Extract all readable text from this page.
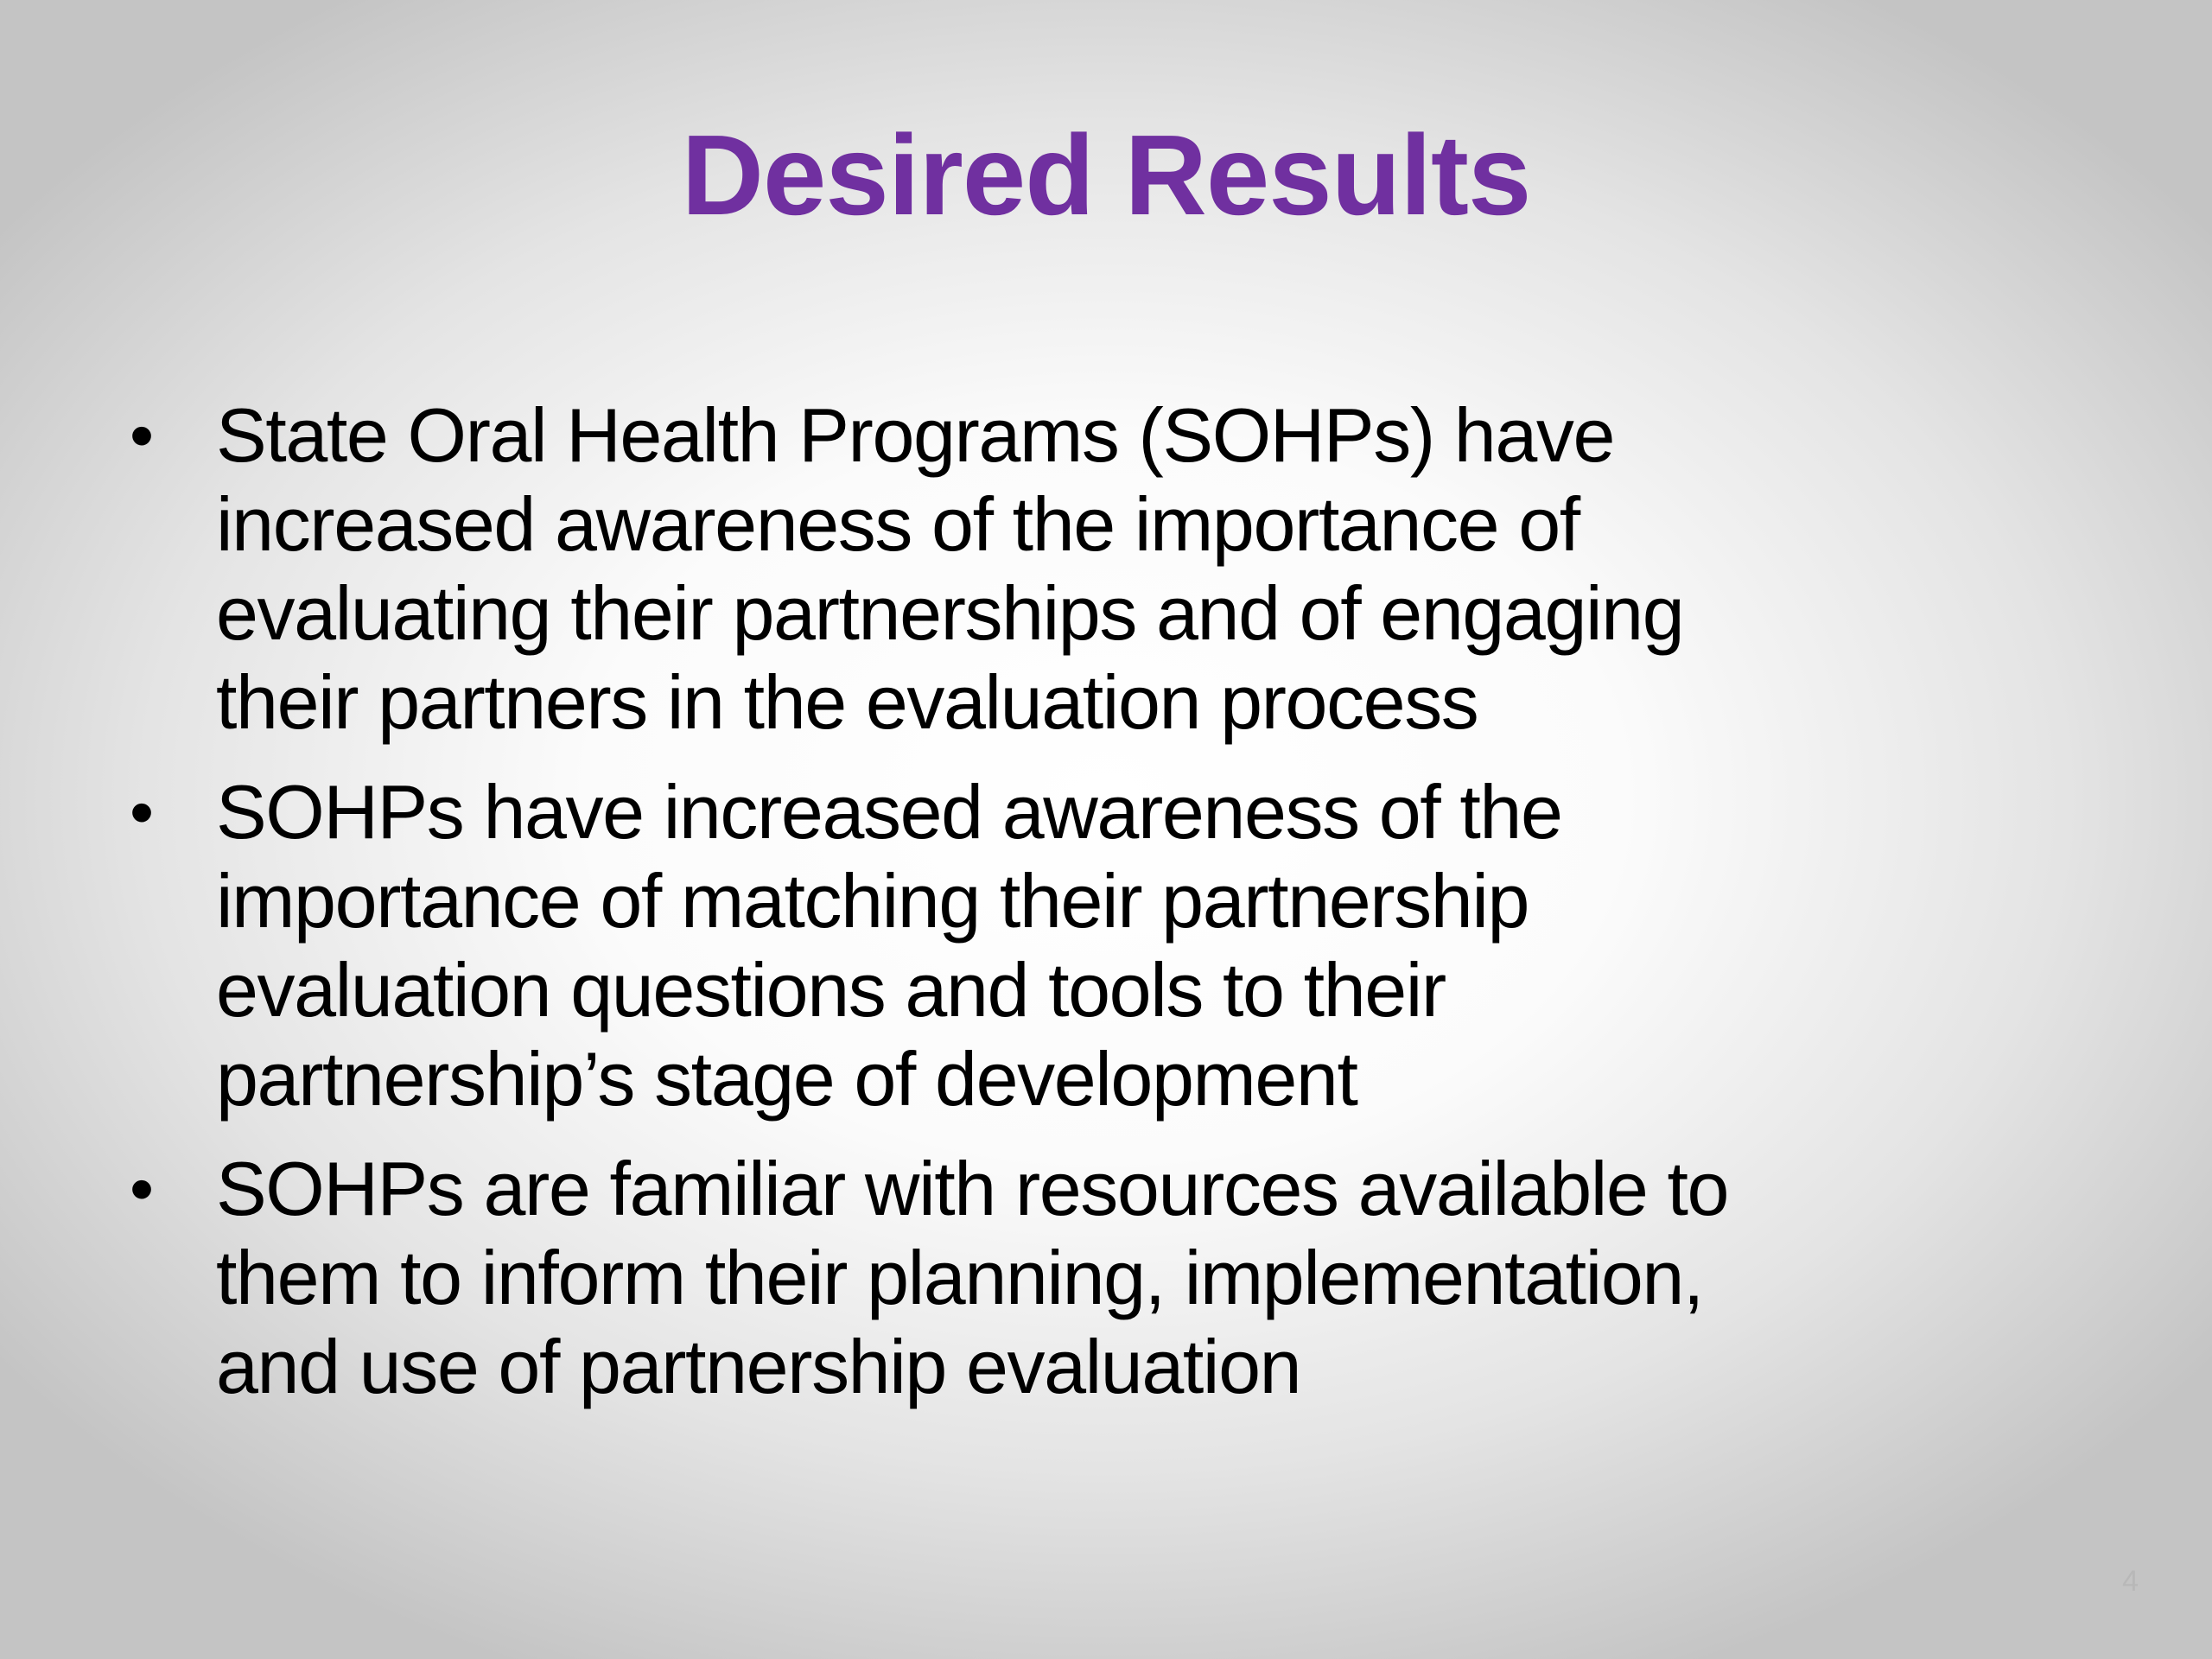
Desired Results
• State Oral Health Programs (SOHPs) have
increased awareness of the importance of
evaluating their partnerships and of engaging
their partners in the evaluation process
• SOHPs have increased awareness of the
importance of matching their partnership
evaluation questions and tools to their
partnership’s stage of development
• SOHPs are familiar with resources available to
them to inform their planning, implementation,
and use of partnership evaluation
4
